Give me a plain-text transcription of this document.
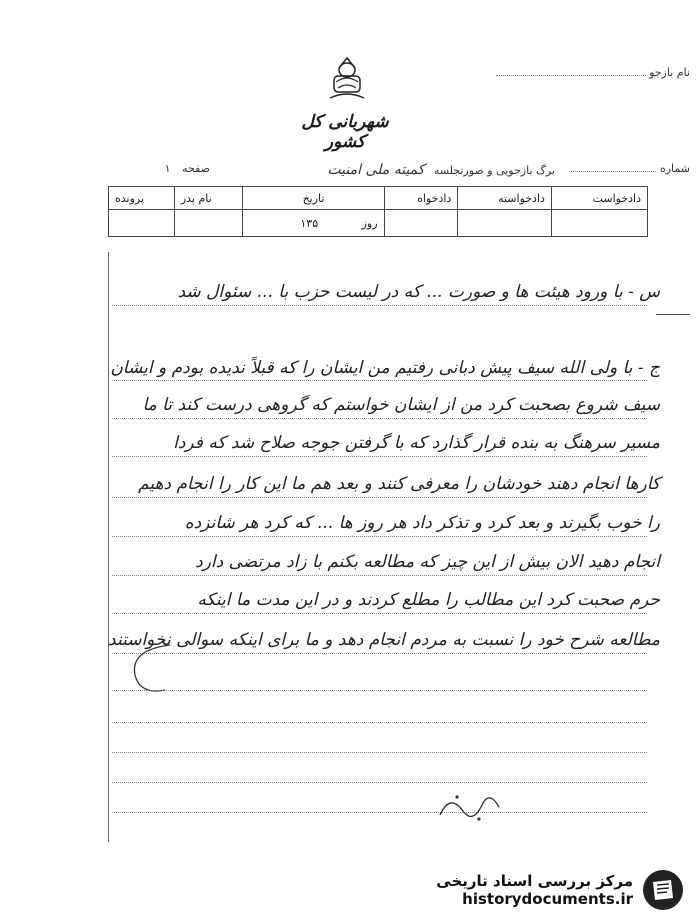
نام بازجو
شهربانی کل کشور
شماره
برگ بازجویی و صورتجلسه کمیته ملی امنیت
صفحه ۱
دادخواست	دادخواسته	دادخواه	تاریخ	نام پدر	پرونده
			روز ۱۳۵		
س - با ورود هیئت ها و صورت ... که در لیست حزب با ... سئوال شد
ج - با ولی الله سیف پیش دبانی رفتیم من ایشان را که قبلاً ندیده بودم و ایشان
سیف شروع بصحبت کرد من از ایشان خواستم که گروهی درست کند تا ما
مسیر سرهنگ به بنده قرار گذارد که با گرفتن جوجه صلاح شد که فردا
کارها انجام دهند خودشان را معرفی کنند و بعد هم ما این کار را انجام دهیم
را خوب بگیرند و بعد کرد و تذکر داد هر روز ها ... که کرد هر شانزده
انجام دهید الان بیش از این چیز که مطالعه بکنم با زاد مرتضی دارد
حرم صحبت کرد این مطالب را مطلع کردند و در این مدت ما اینکه
مطالعه شرح خود را نسبت به مردم انجام دهد و ما برای اینکه سوالی نخواستند
مرکز بررسی اسناد تاریخی
historydocuments.ir
